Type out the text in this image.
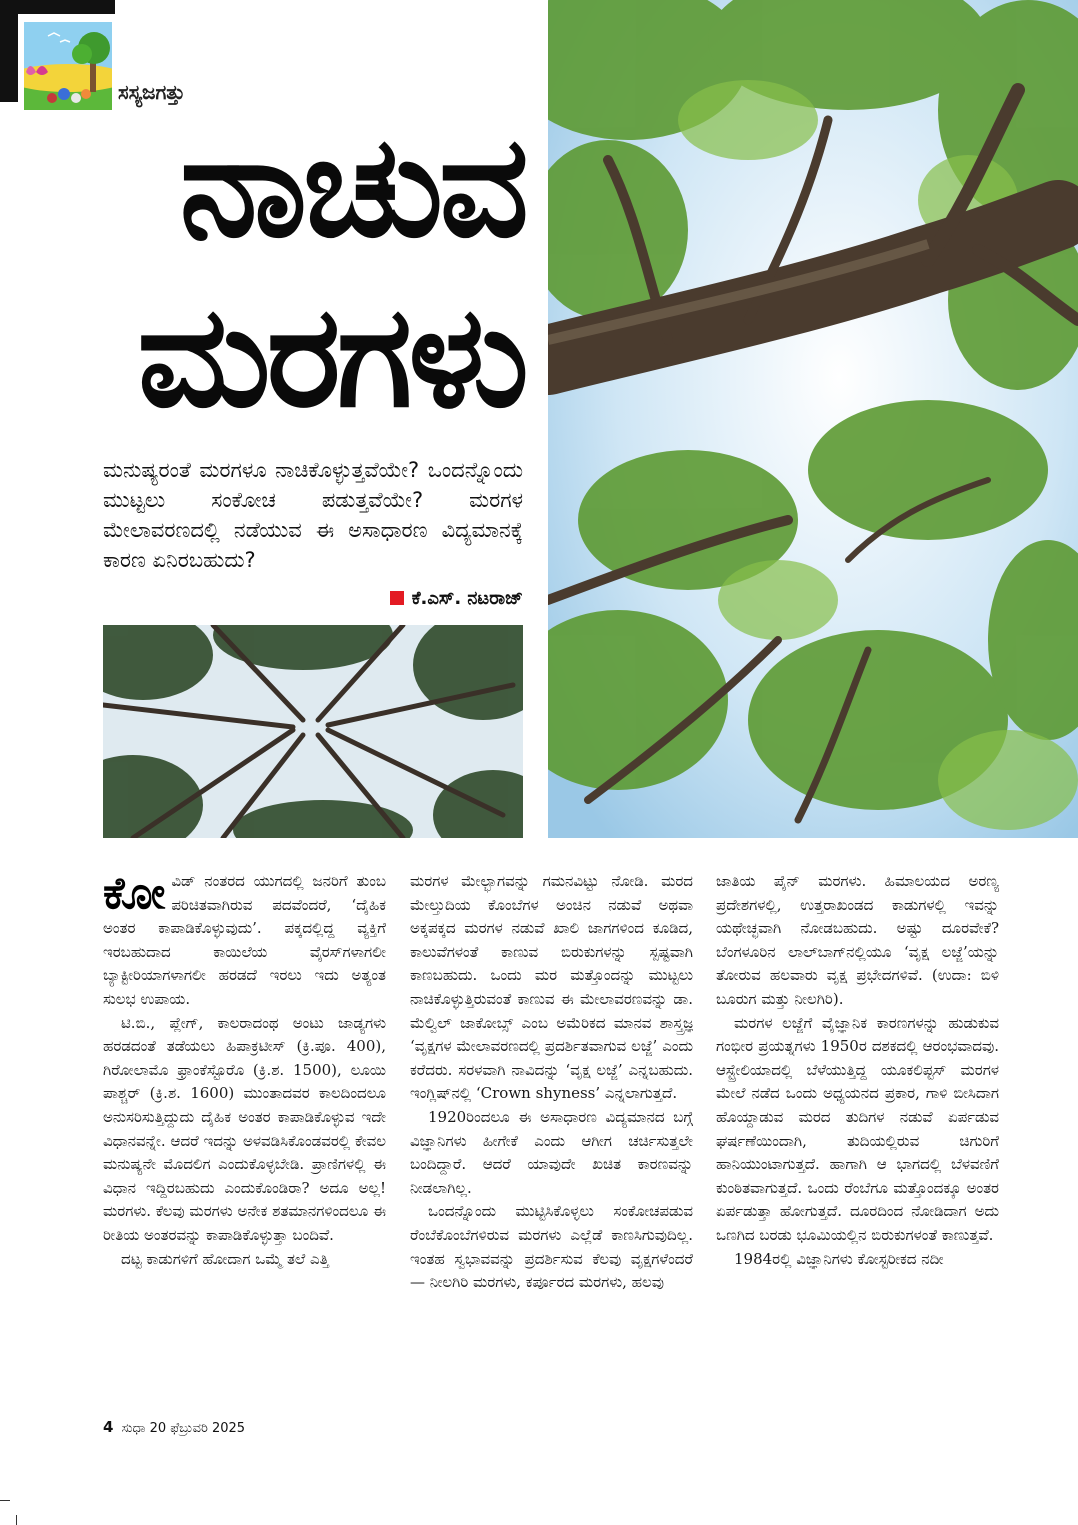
ಸಸ್ಯಜಗತ್ತು
ನಾಚುವ
ಮರಗಳು

ಮನುಷ್ಯರಂತೆ ಮರಗಳೂ ನಾಚಿಕೊಳ್ಳುತ್ತವೆಯೇ? ಒಂದನ್ನೊಂದು ಮುಟ್ಟಲು ಸಂಕೋಚ ಪಡುತ್ತವೆಯೇ? ಮರಗಳ ಮೇಲಾವರಣದಲ್ಲಿ ನಡೆಯುವ ಈ ಅಸಾಧಾರಣ ವಿದ್ಯಮಾನಕ್ಕೆ ಕಾರಣ ಏನಿರಬಹುದು?

ಕೆ.ಎಸ್. ನಟರಾಜ್

ಕೋವಿಡ್ ನಂತರದ ಯುಗದಲ್ಲಿ ಜನರಿಗೆ ತುಂಬ ಪರಿಚಿತವಾಗಿರುವ ಪದವೆಂದರೆ, ‘ದೈಹಿಕ ಅಂತರ ಕಾಪಾಡಿಕೊಳ್ಳುವುದು’. ಪಕ್ಕದಲ್ಲಿದ್ದ ವ್ಯಕ್ತಿಗೆ ಇರಬಹುದಾದ ಕಾಯಿಲೆಯ ವೈರಸ್‌ಗಳಾಗಲೀ ಬ್ಯಾಕ್ಟೀರಿಯಾಗಳಾಗಲೀ ಹರಡದೆ ಇರಲು ಇದು ಅತ್ಯಂತ ಸುಲಭ ಉಪಾಯ.

ಟಿ.ಬಿ., ಪ್ಲೇಗ್, ಕಾಲರಾದಂಥ ಅಂಟು ಜಾಡ್ಯಗಳು ಹರಡದಂತೆ ತಡೆಯಲು ಹಿಪಾಕ್ರಟೀಸ್ (ಕ್ರಿ.ಪೂ. 400), ಗಿರೋಲಾಮೊ ಫ್ರಾಂಕೆಸ್ಟೊರೊ (ಕ್ರಿ.ಶ. 1500), ಲೂಯಿ ಪಾಶ್ಚರ್ (ಕ್ರಿ.ಶ. 1600) ಮುಂತಾದವರ ಕಾಲದಿಂದಲೂ ಅನುಸರಿಸುತ್ತಿದ್ದುದು ದೈಹಿಕ ಅಂತರ ಕಾಪಾಡಿಕೊಳ್ಳುವ ಇದೇ ವಿಧಾನವನ್ನೇ. ಆದರೆ ಇದನ್ನು ಅಳವಡಿಸಿಕೊಂಡವರಲ್ಲಿ ಕೇವಲ ಮನುಷ್ಯನೇ ಮೊದಲಿಗ ಎಂದುಕೊಳ್ಳಬೇಡಿ. ಪ್ರಾಣಿಗಳಲ್ಲಿ ಈ ವಿಧಾನ ಇದ್ದಿರಬಹುದು ಎಂದುಕೊಂಡಿರಾ? ಅದೂ ಅಲ್ಲ! ಮರಗಳು. ಕೆಲವು ಮರಗಳು ಅನೇಕ ಶತಮಾನಗಳಿಂದಲೂ ಈ ರೀತಿಯ ಅಂತರವನ್ನು ಕಾಪಾಡಿಕೊಳ್ಳುತ್ತಾ ಬಂದಿವೆ.

ದಟ್ಟ ಕಾಡುಗಳಿಗೆ ಹೋದಾಗ ಒಮ್ಮೆ ತಲೆ ಎತ್ತಿ

ಮರಗಳ ಮೇಲ್ಭಾಗವನ್ನು ಗಮನವಿಟ್ಟು ನೋಡಿ. ಮರದ ಮೇಲ್ತುದಿಯ ಕೊಂಬೆಗಳ ಅಂಚಿನ ನಡುವೆ ಅಥವಾ ಅಕ್ಕಪಕ್ಕದ ಮರಗಳ ನಡುವೆ ಖಾಲಿ ಜಾಗಗಳಿಂದ ಕೂಡಿದ, ಕಾಲುವೆಗಳಂತೆ ಕಾಣುವ ಬಿರುಕುಗಳನ್ನು ಸ್ಪಷ್ಟವಾಗಿ ಕಾಣಬಹುದು. ಒಂದು ಮರ ಮತ್ತೊಂದನ್ನು ಮುಟ್ಟಲು ನಾಚಿಕೊಳ್ಳುತ್ತಿರುವಂತೆ ಕಾಣುವ ಈ ಮೇಲಾವರಣವನ್ನು ಡಾ. ಮೆಲ್ವಿಲ್ ಜಾಕೋಬ್ಸ್ ಎಂಬ ಅಮೆರಿಕದ ಮಾನವ ಶಾಸ್ತ್ರಜ್ಞ ‘ವೃಕ್ಷಗಳ ಮೇಲಾವರಣದಲ್ಲಿ ಪ್ರದರ್ಶಿತವಾಗುವ ಲಜ್ಜೆ’ ಎಂದು ಕರೆದರು. ಸರಳವಾಗಿ ನಾವಿದನ್ನು ‘ವೃಕ್ಷ ಲಜ್ಜೆ’ ಎನ್ನಬಹುದು. ಇಂಗ್ಲಿಷ್‌ನಲ್ಲಿ ‘Crown shyness’ ಎನ್ನಲಾಗುತ್ತದೆ.

1920ರಿಂದಲೂ ಈ ಅಸಾಧಾರಣ ವಿದ್ಯಮಾನದ ಬಗ್ಗೆ ವಿಜ್ಞಾನಿಗಳು ಹೀಗೇಕೆ ಎಂದು ಆಗೀಗ ಚರ್ಚಿಸುತ್ತಲೇ ಬಂದಿದ್ದಾರೆ. ಆದರೆ ಯಾವುದೇ ಖಚಿತ ಕಾರಣವನ್ನು ನೀಡಲಾಗಿಲ್ಲ.

ಒಂದನ್ನೊಂದು ಮುಟ್ಟಿಸಿಕೊಳ್ಳಲು ಸಂಕೋಚಪಡುವ ರೆಂಬೆಕೊಂಬೆಗಳಿರುವ ಮರಗಳು ಎಲ್ಲೆಡೆ ಕಾಣಸಿಗುವುದಿಲ್ಲ. ಇಂತಹ ಸ್ವಭಾವವನ್ನು ಪ್ರದರ್ಶಿಸುವ ಕೆಲವು ವೃಕ್ಷಗಳೆಂದರೆ — ನೀಲಗಿರಿ ಮರಗಳು, ಕರ್ಪೂರದ ಮರಗಳು, ಹಲವು

ಜಾತಿಯ ಪೈನ್ ಮರಗಳು. ಹಿಮಾಲಯದ ಅರಣ್ಯ ಪ್ರದೇಶಗಳಲ್ಲಿ, ಉತ್ತರಾಖಂಡದ ಕಾಡುಗಳಲ್ಲಿ ಇವನ್ನು ಯಥೇಚ್ಛವಾಗಿ ನೋಡಬಹುದು. ಅಷ್ಟು ದೂರವೇಕೆ? ಬೆಂಗಳೂರಿನ ಲಾಲ್‌ಬಾಗ್‌ನಲ್ಲಿಯೂ ‘ವೃಕ್ಷ ಲಜ್ಜೆ’ಯನ್ನು ತೋರುವ ಹಲವಾರು ವೃಕ್ಷ ಪ್ರಭೇದಗಳಿವೆ. (ಉದಾ: ಬಿಳಿ ಬೂರುಗ ಮತ್ತು ನೀಲಗಿರಿ).

ಮರಗಳ ಲಜ್ಜೆಗೆ ವೈಜ್ಞಾನಿಕ ಕಾರಣಗಳನ್ನು ಹುಡುಕುವ ಗಂಭೀರ ಪ್ರಯತ್ನಗಳು 1950ರ ದಶಕದಲ್ಲಿ ಆರಂಭವಾದವು. ಆಸ್ಟ್ರೇಲಿಯಾದಲ್ಲಿ ಬೆಳೆಯುತ್ತಿದ್ದ ಯೂಕಲಿಪ್ಟಸ್ ಮರಗಳ ಮೇಲೆ ನಡೆದ ಒಂದು ಅಧ್ಯಯನದ ಪ್ರಕಾರ, ಗಾಳಿ ಬೀಸಿದಾಗ ಹೊಯ್ದಾಡುವ ಮರದ ತುದಿಗಳ ನಡುವೆ ಏರ್ಪಡುವ ಘರ್ಷಣೆಯಿಂದಾಗಿ, ತುದಿಯಲ್ಲಿರುವ ಚಿಗುರಿಗೆ ಹಾನಿಯುಂಟಾಗುತ್ತದೆ. ಹಾಗಾಗಿ ಆ ಭಾಗದಲ್ಲಿ ಬೆಳವಣಿಗೆ ಕುಂಠಿತವಾಗುತ್ತದೆ. ಒಂದು ರೆಂಬೆಗೂ ಮತ್ತೊಂದಕ್ಕೂ ಅಂತರ ಏರ್ಪಡುತ್ತಾ ಹೋಗುತ್ತದೆ. ದೂರದಿಂದ ನೋಡಿದಾಗ ಅದು ಒಣಗಿದ ಬರಡು ಭೂಮಿಯಲ್ಲಿನ ಬಿರುಕುಗಳಂತೆ ಕಾಣುತ್ತವೆ.

1984ರಲ್ಲಿ ವಿಜ್ಞಾನಿಗಳು ಕೋಸ್ಟರೀಕದ ನದೀ

4 ಸುಧಾ 20 ಫೆಬ್ರುವರಿ 2025
